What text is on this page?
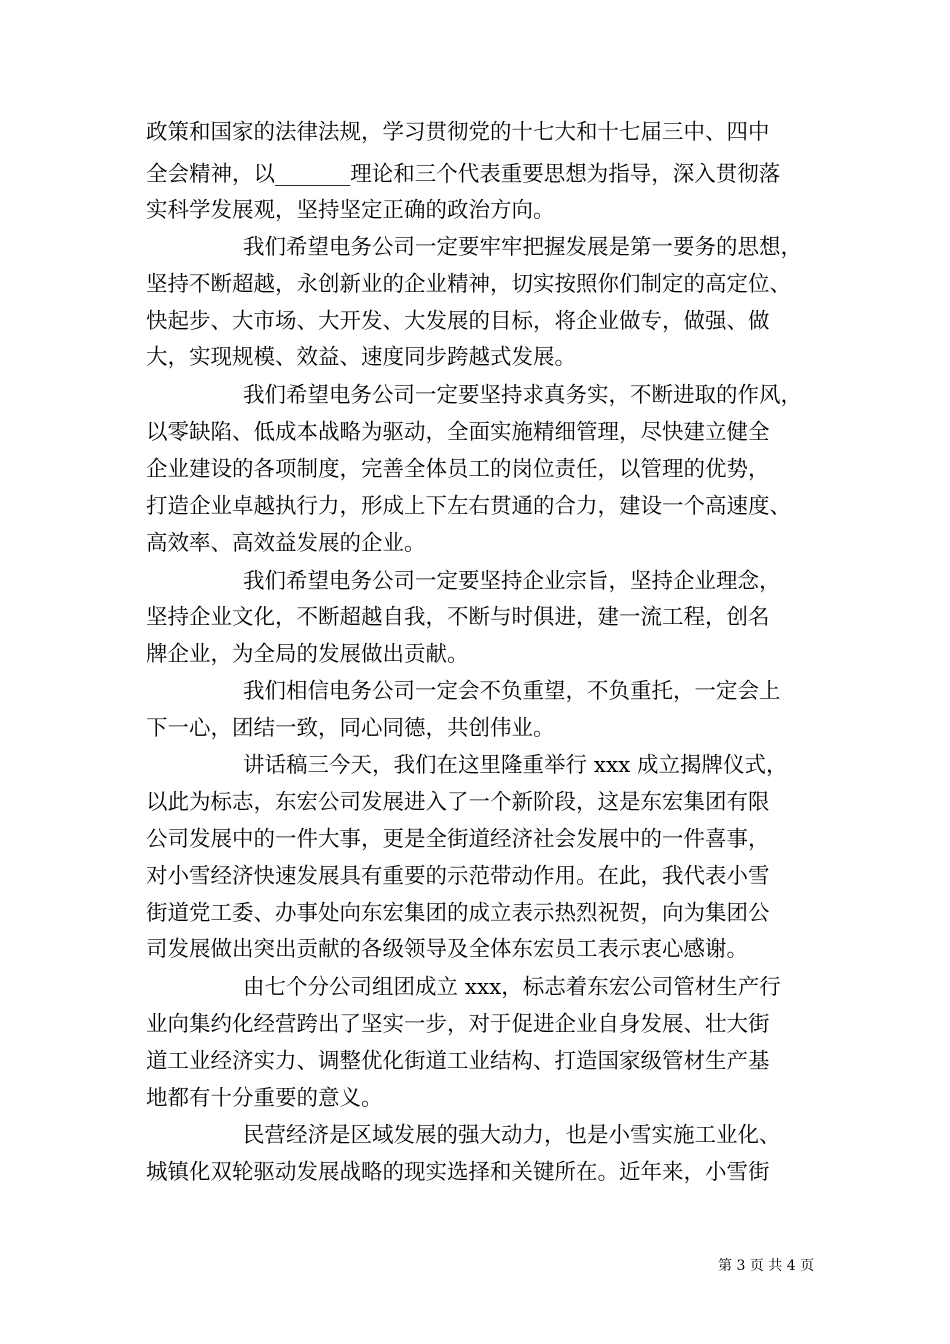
政策和国家的法律法规，学习贯彻党的十七大和十七届三中、四中
全会精神，以_______理论和三个代表重要思想为指导，深入贯彻落
实科学发展观，坚持坚定正确的政治方向。
我们希望电务公司一定要牢牢把握发展是第一要务的思想，
坚持不断超越，永创新业的企业精神，切实按照你们制定的高定位、
快起步、大市场、大开发、大发展的目标，将企业做专，做强、做
大，实现规模、效益、速度同步跨越式发展。
我们希望电务公司一定要坚持求真务实，不断进取的作风，
以零缺陷、低成本战略为驱动，全面实施精细管理，尽快建立健全
企业建设的各项制度，完善全体员工的岗位责任，以管理的优势，
打造企业卓越执行力，形成上下左右贯通的合力，建设一个高速度、
高效率、高效益发展的企业。
我们希望电务公司一定要坚持企业宗旨，坚持企业理念，
坚持企业文化，不断超越自我，不断与时俱进，建一流工程，创名
牌企业，为全局的发展做出贡献。
我们相信电务公司一定会不负重望，不负重托，一定会上
下一心，团结一致，同心同德，共创伟业。
讲话稿三今天，我们在这里隆重举行 xxx 成立揭牌仪式，
以此为标志，东宏公司发展进入了一个新阶段，这是东宏集团有限
公司发展中的一件大事，更是全街道经济社会发展中的一件喜事，
对小雪经济快速发展具有重要的示范带动作用。在此，我代表小雪
街道党工委、办事处向东宏集团的成立表示热烈祝贺，向为集团公
司发展做出突出贡献的各级领导及全体东宏员工表示衷心感谢。
由七个分公司组团成立 xxx，标志着东宏公司管材生产行
业向集约化经营跨出了坚实一步，对于促进企业自身发展、壮大街
道工业经济实力、调整优化街道工业结构、打造国家级管材生产基
地都有十分重要的意义。
民营经济是区域发展的强大动力，也是小雪实施工业化、
城镇化双轮驱动发展战略的现实选择和关键所在。近年来，小雪街
第 3 页 共 4 页
